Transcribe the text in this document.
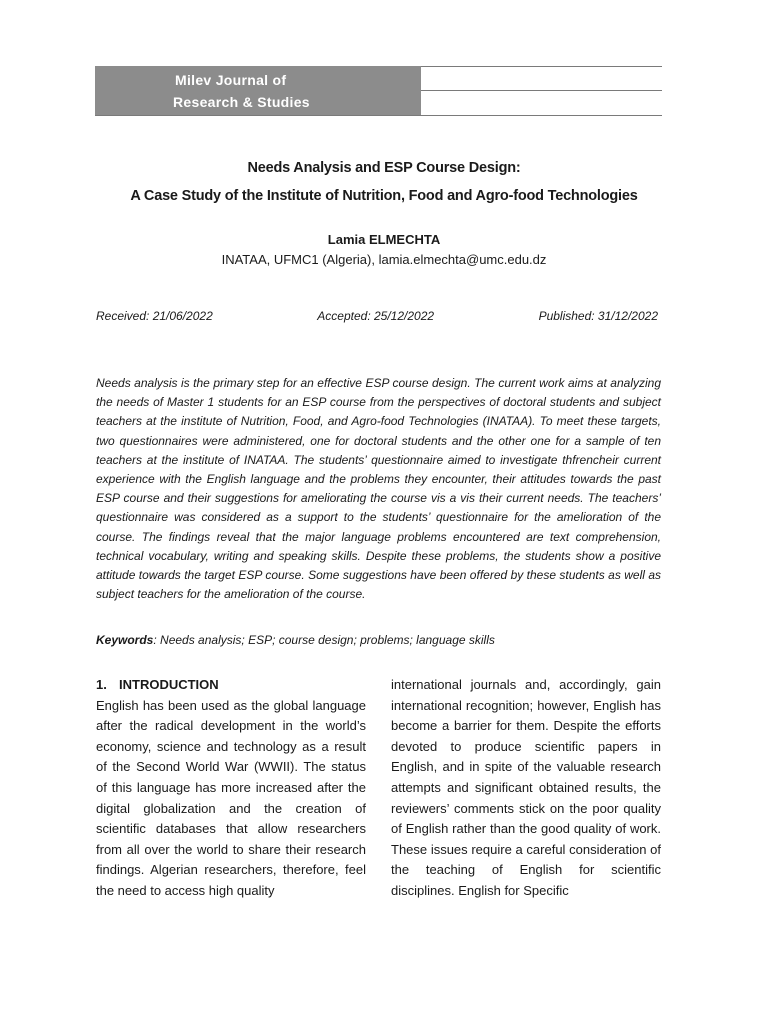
Milev Journal of
Research & Studies
Needs Analysis and ESP Course Design:
A Case Study of the Institute of Nutrition, Food and Agro-food Technologies
Lamia ELMECHTA
INATAA, UFMC1 (Algeria), lamia.elmechta@umc.edu.dz
Received: 21/06/2022	Accepted: 25/12/2022	Published: 31/12/2022
Needs analysis is the primary step for an effective ESP course design. The current work aims at analyzing the needs of Master 1 students for an ESP course from the perspectives of doctoral students and subject teachers at the institute of Nutrition, Food, and Agro-food Technologies (INATAA). To meet these targets, two questionnaires were administered, one for doctoral students and the other one for a sample of ten teachers at the institute of INATAA. The students’ questionnaire aimed to investigate thfrencheir current experience with the English language and the problems they encounter, their attitudes towards the past ESP course and their suggestions for ameliorating the course vis a vis their current needs. The teachers’ questionnaire was considered as a support to the students’ questionnaire for the amelioration of the course. The findings reveal that the major language problems encountered are text comprehension, technical vocabulary, writing and speaking skills. Despite these problems, the students show a positive attitude towards the target ESP course. Some suggestions have been offered by these students as well as subject teachers for the amelioration of the course.
Keywords: Needs analysis; ESP; course design; problems; language skills
1. INTRODUCTION
English has been used as the global language after the radical development in the world’s economy, science and technology as a result of the Second World War (WWII). The status of this language has more increased after the digital globalization and the creation of scientific databases that allow researchers from all over the world to share their research findings. Algerian researchers, therefore, feel the need to access high quality
international journals and, accordingly, gain international recognition; however, English has become a barrier for them. Despite the efforts devoted to produce scientific papers in English, and in spite of the valuable research attempts and significant obtained results, the reviewers’ comments stick on the poor quality of English rather than the good quality of work. These issues require a careful consideration of the teaching of English for scientific disciplines. English for Specific
